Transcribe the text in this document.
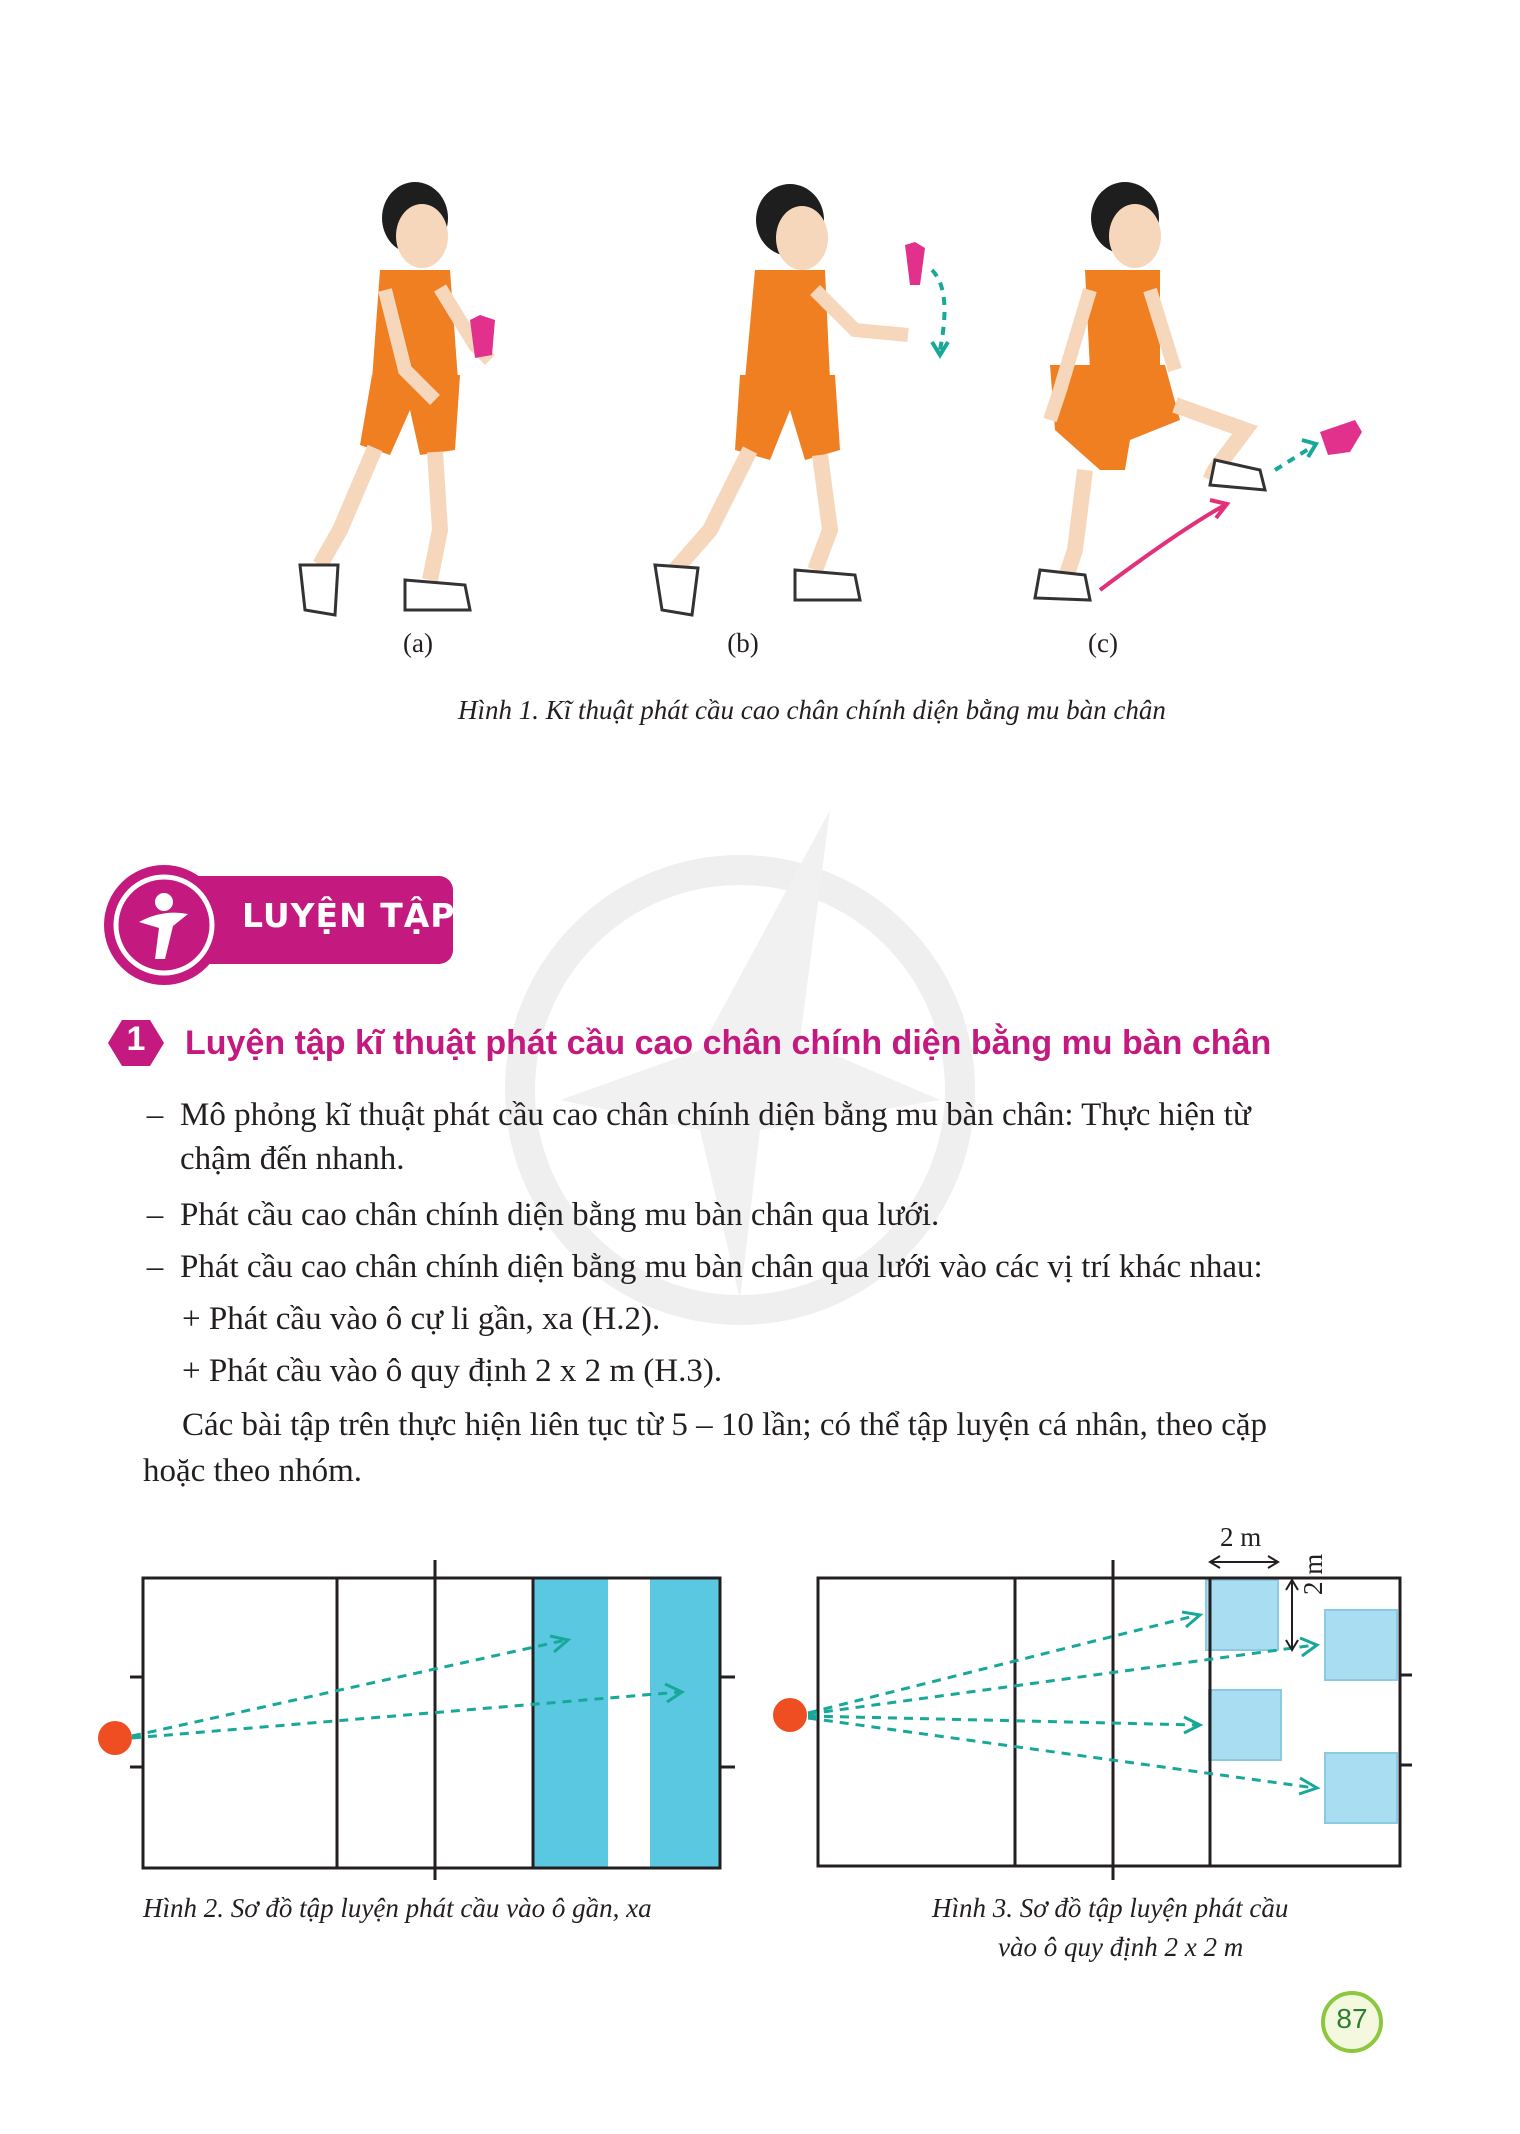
(a)	(b)	(c)
Hình 1. Kĩ thuật phát cầu cao chân chính diện bằng mu bàn chân
LUYỆN TẬP
1	Luyện tập kĩ thuật phát cầu cao chân chính diện bằng mu bàn chân
– Mô phỏng kĩ thuật phát cầu cao chân chính diện bằng mu bàn chân: Thực hiện từ
chậm đến nhanh.
– Phát cầu cao chân chính diện bằng mu bàn chân qua lưới.
– Phát cầu cao chân chính diện bằng mu bàn chân qua lưới vào các vị trí khác nhau:
+ Phát cầu vào ô cự li gần, xa (H.2).
+ Phát cầu vào ô quy định 2 x 2 m (H.3).
Các bài tập trên thực hiện liên tục từ 5 – 10 lần; có thể tập luyện cá nhân, theo cặp
hoặc theo nhóm.
Hình 2. Sơ đồ tập luyện phát cầu vào ô gần, xa
2 m
2 m
Hình 3. Sơ đồ tập luyện phát cầu
vào ô quy định 2 x 2 m
87
